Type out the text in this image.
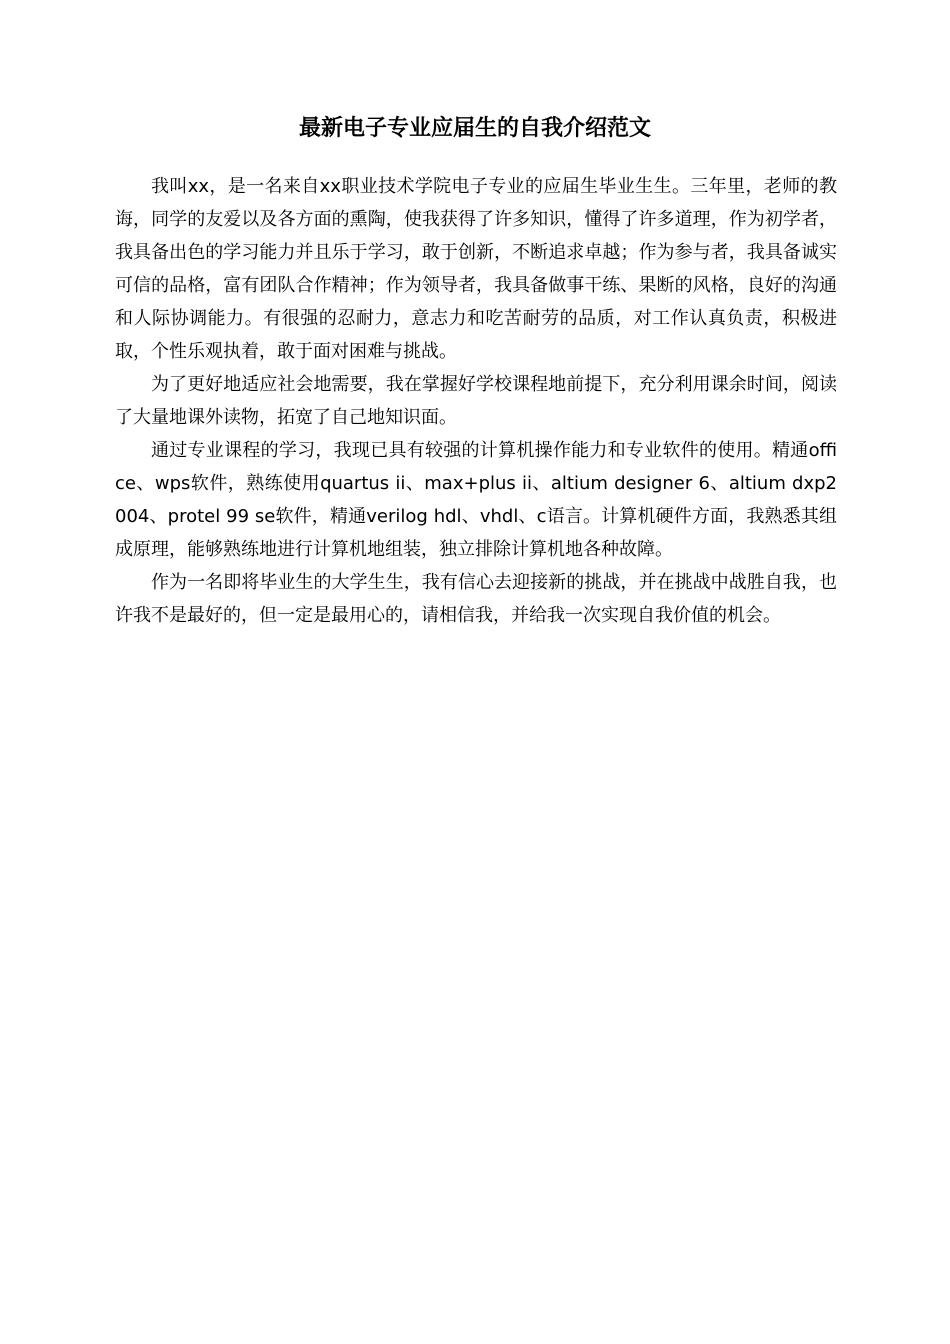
最新电子专业应届生的自我介绍范文

我叫xx，是一名来自xx职业技术学院电子专业的应届生毕业生生。三年里，老师的教诲，同学的友爱以及各方面的熏陶，使我获得了许多知识，懂得了许多道理，作为初学者，我具备出色的学习能力并且乐于学习，敢于创新，不断追求卓越；作为参与者，我具备诚实可信的品格，富有团队合作精神；作为领导者，我具备做事干练、果断的风格，良好的沟通和人际协调能力。有很强的忍耐力，意志力和吃苦耐劳的品质，对工作认真负责，积极进取，个性乐观执着，敢于面对困难与挑战。

为了更好地适应社会地需要，我在掌握好学校课程地前提下，充分利用课余时间，阅读了大量地课外读物，拓宽了自己地知识面。

通过专业课程的学习，我现已具有较强的计算机操作能力和专业软件的使用。精通office、wps软件，熟练使用quartus ii、max+plus ii、altium designer 6、altium dxp2004、protel 99 se软件，精通verilog hdl、vhdl、c语言。计算机硬件方面，我熟悉其组成原理，能够熟练地进行计算机地组装，独立排除计算机地各种故障。

作为一名即将毕业生的大学生生，我有信心去迎接新的挑战，并在挑战中战胜自我，也许我不是最好的，但一定是最用心的，请相信我，并给我一次实现自我价值的机会。
